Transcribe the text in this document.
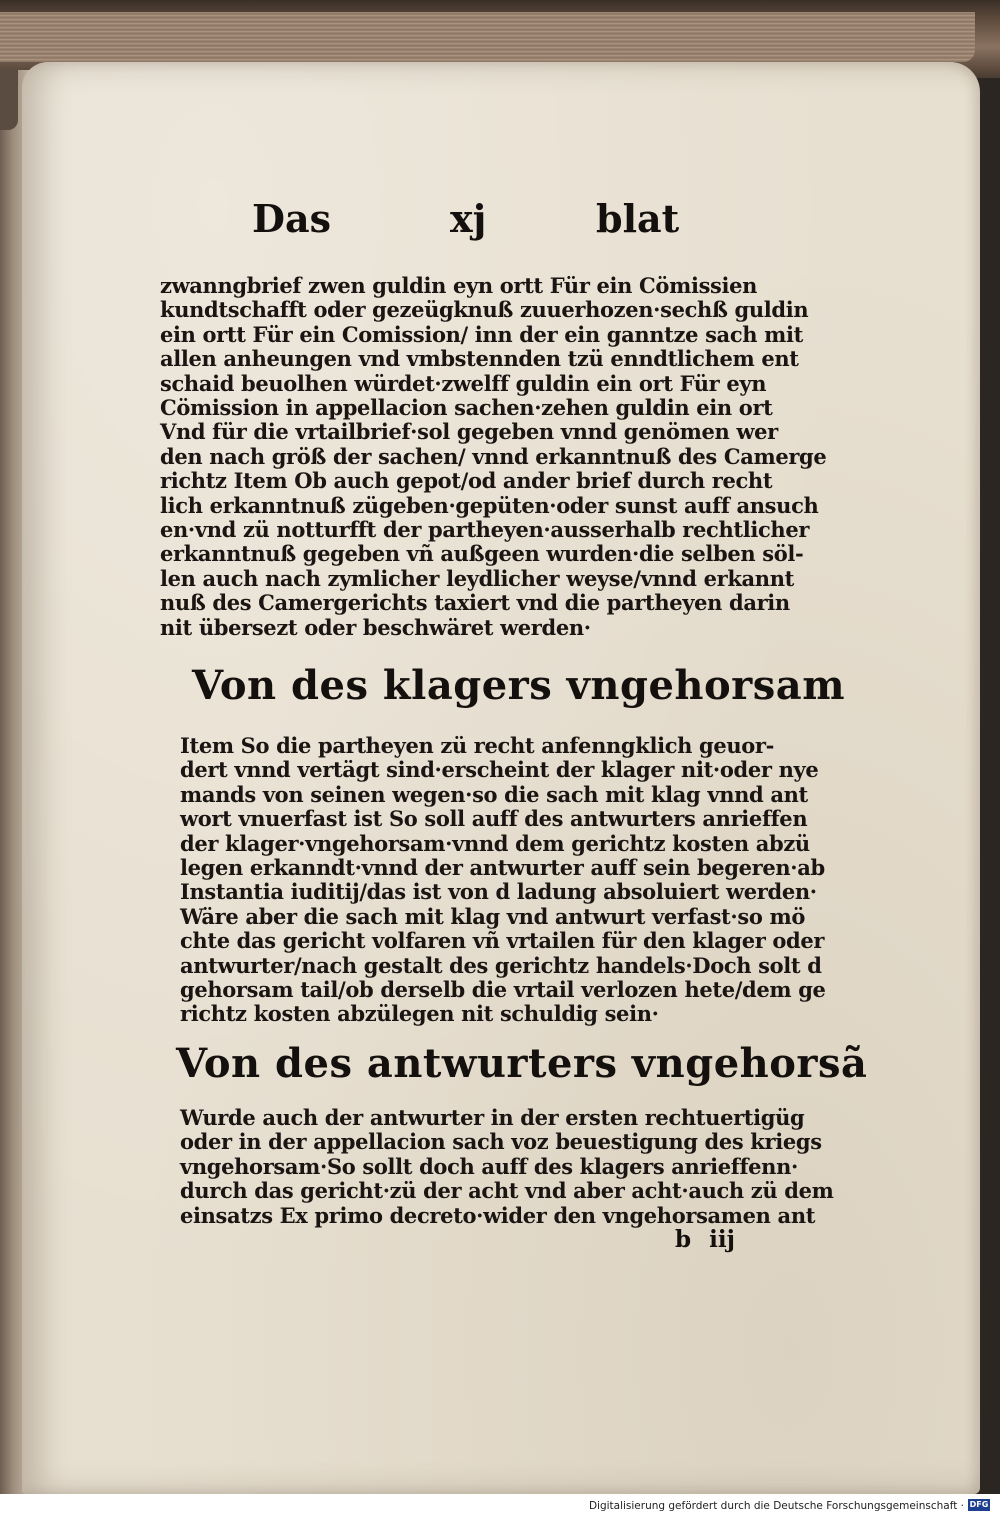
Das	xj	blat

zwanngbrief zwen guldin eyn ortt Für ein Cömissien

kundtschafft oder gezeügknuß zuuerhozen·sechß guldin

ein ortt Für ein Comission/ inn der ein ganntze sach mit

allen anheungen vnd vmbstennden tzü enndtlichem ent

schaid beuolhen würdet·zwelff guldin ein ort Für eyn

Cömission in appellacion sachen·zehen guldin ein ort

Vnd für die vrtailbrief·sol gegeben vnnd genömen wer

den nach größ der sachen/ vnnd erkanntnuß des Camerge

richtz Item Ob auch gepot/od ander brief durch recht

lich erkanntnuß zügeben·gepüten·oder sunst auff ansuch

en·vnd zü notturfft der partheyen·ausserhalb rechtlicher

erkanntnuß gegeben vñ außgeen wurden·die selben söl-

len auch nach zymlicher leydlicher weyse/vnnd erkannt

nuß des Camergerichts taxiert vnd die partheyen darin

nit übersezt oder beschwäret werden·

Von des klagers vngehorsam

Item So die partheyen zü recht anfenngklich geuor-

dert vnnd vertägt sind·erscheint der klager nit·oder nye

mands von seinen wegen·so die sach mit klag vnnd ant

wort vnuerfast ist So soll auff des antwurters anrieffen

der klager·vngehorsam·vnnd dem gerichtz kosten abzü

legen erkanndt·vnnd der antwurter auff sein begeren·ab

Instantia iuditij/das ist von d ladung absoluiert werden·

Wäre aber die sach mit klag vnd antwurt verfast·so mö

chte das gericht volfaren vñ vrtailen für den klager oder

antwurter/nach gestalt des gerichtz handels·Doch solt d

gehorsam tail/ob derselb die vrtail verlozen hete/dem ge

richtz kosten abzülegen nit schuldig sein·

Von des antwurters vngehorsã

Wurde auch der antwurter in der ersten rechtuertigüg

oder in der appellacion sach voz beuestigung des kriegs

vngehorsam·So sollt doch auff des klagers anrieffenn·

durch das gericht·zü der acht vnd aber acht·auch zü dem

einsatzs Ex primo decreto·wider den vngehorsamen ant

b iij
Digitalisierung gefördert durch die Deutsche Forschungsgemeinschaft · DFG
